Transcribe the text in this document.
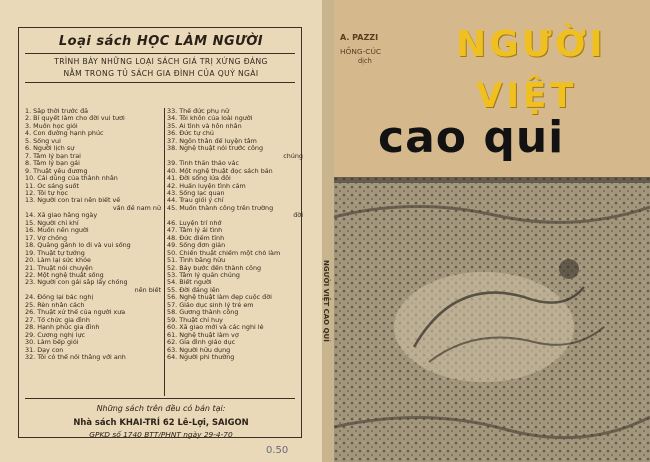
Loại sách HỌC LÀM NGƯỜI
TRÌNH BÀY NHỮNG LOẠI SÁCH GIÁ TRỊ XỨNG ĐÁNG
NẰM TRONG TỦ SÁCH GIA ĐÌNH CỦA QUÝ NGÀI
1. Sắp thời trước đã
2. Bí quyết làm cho đời vui tươi
3. Muốn học giỏi
4. Con đường hạnh phúc
5. Sống vui
6. Người lịch sự
7. Tâm lý bạn trai
8. Tâm lý bạn gái
9. Thuật yêu đương
10. Cải dũng của thành nhân
11. Óc sáng suốt
12. Tôi tự học
13. Người con trai nên biết về
vấn đề nam nữ
14. Xã giao hằng ngày
15. Người chỉ khí
16. Muốn nên người
17. Vợ chồng
18. Quãng gánh lo đi và vui sống
19. Thuật tự tưởng
20. Làm lại sức khỏe
21. Thuật nói chuyện
22. Một nghệ thuật sống
23. Người con gái sắp lấy chồng
nên biết
24. Đồng lại bác nghị
25. Rèn nhân cách
26. Thuật xử thế của người xưa
27. Tổ chức gia đình
28. Hạnh phúc gia đình
29. Cương nghị lực
30. Làm bếp giỏi
31. Dạy con
32. Tôi có thể nói thẳng với anh
33. Thế đức phụ nữ
34. Tôi khôn của loài người
35. Ái tình và hôn nhân
36. Đức tự chủ
37. Ngôn thân để luyện tâm
38. Nghệ thuật nói trước công
chúng
39. Tinh thần thảo vác
40. Một nghệ thuật đọc sách bán
41. Đời sống lứa đôi
42. Huấn luyện tình cảm
43. Sống lạc quan
44. Trau giồi ý chí
45. Muốn thành công trên trường
đời
46. Luyện trí nhớ
47. Tâm lý ái tình
48. Đức điềm tĩnh
49. Sống đơn giản
50. Chiến thuật chiếm một chỗ làm
51. Tình bằng hữu
52. Bảy bước đến thành công
53. Tâm lý quần chúng
54. Biết người
55. Đời đáng lên
56. Nghệ thuật làm đẹp cuộc đời
57. Giáo dục sinh lý trẻ em
58. Gương thành công
59. Thuật chỉ huy
60. Xã giao mới và các nghi lễ
61. Nghệ thuật làm vợ
62. Gia đình giáo dục
63. Người hữu dụng
64. Người phi thường
Những sách trên đều có bán tại:
Nhà sách KHAI-TRÍ 62 Lê-Lợi, SAIGON
GPKD số 1740 BTT/PHNT ngày 29-4-70
0.50
NGƯỜI VIỆT CAO QUÍ
A. PAZZI
HỒNG-CÚC
dịch NGƯỜI
VIỆT
cao qui
